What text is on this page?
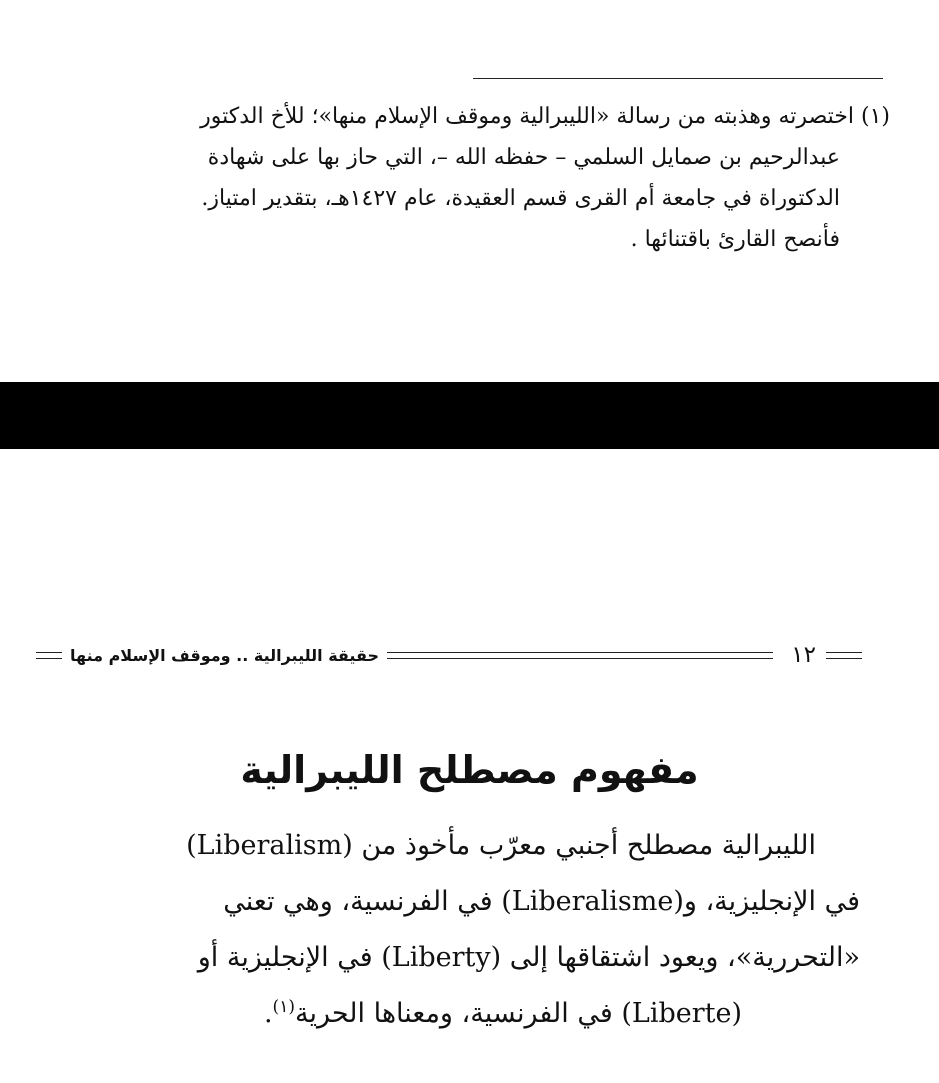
(١) اختصرته وهذبته من رسالة «الليبرالية وموقف الإسلام منها»؛ للأخ الدكتور
عبدالرحيم بن صمايل السلمي – حفظه الله –، التي حاز بها على شهادة
الدكتوراة في جامعة أم القرى قسم العقيدة، عام ١٤٢٧هـ، بتقدير امتياز.
فأنصح القارئ باقتنائها .
١٢
حقيقة الليبرالية .. وموقف الإسلام منها
مفهوم مصطلح الليبرالية
الليبرالية مصطلح أجنبي معرّب مأخوذ من (Liberalism)
في الإنجليزية، و(Liberalisme) في الفرنسية، وهي تعني
«التحررية»، ويعود اشتقاقها إلى (Liberty) في الإنجليزية أو
(Liberte) في الفرنسية، ومعناها الحرية$^{(١)}$.
